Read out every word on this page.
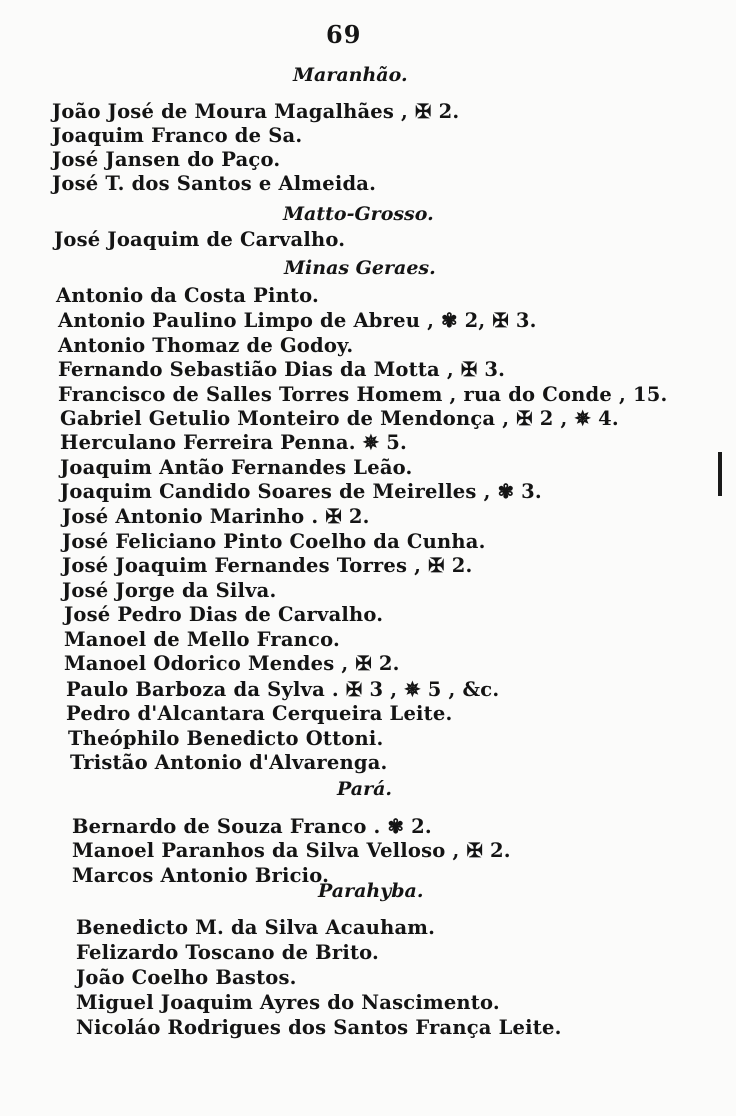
69
Maranhão.
João José de Moura Magalhães , ✠ 2.
Joaquim Franco de Sa.
José Jansen do Paço.
José T. dos Santos e Almeida.
Matto-Grosso.
José Joaquim de Carvalho.
Minas Geraes.
Antonio da Costa Pinto.
Antonio Paulino Limpo de Abreu , ✾ 2, ✠ 3.
Antonio Thomaz de Godoy.
Fernando Sebastião Dias da Motta , ✠ 3.
Francisco de Salles Torres Homem , rua do Conde , 15.
Gabriel Getulio Monteiro de Mendonça , ✠ 2 , ✵ 4.
Herculano Ferreira Penna. ✵ 5.
Joaquim Antão Fernandes Leão.
Joaquim Candido Soares de Meirelles , ✾ 3.
José Antonio Marinho . ✠ 2.
José Feliciano Pinto Coelho da Cunha.
José Joaquim Fernandes Torres , ✠ 2.
José Jorge da Silva.
José Pedro Dias de Carvalho.
Manoel de Mello Franco.
Manoel Odorico Mendes , ✠ 2.
Paulo Barboza da Sylva . ✠ 3 , ✵ 5 , &c.
Pedro d'Alcantara Cerqueira Leite.
Theóphilo Benedicto Ottoni.
Tristão Antonio d'Alvarenga.
Pará.
Bernardo de Souza Franco . ✾ 2.
Manoel Paranhos da Silva Velloso , ✠ 2.
Marcos Antonio Bricio.
Parahyba.
Benedicto M. da Silva Acauham.
Felizardo Toscano de Brito.
João Coelho Bastos.
Miguel Joaquim Ayres do Nascimento.
Nicoláo Rodrigues dos Santos França Leite.
